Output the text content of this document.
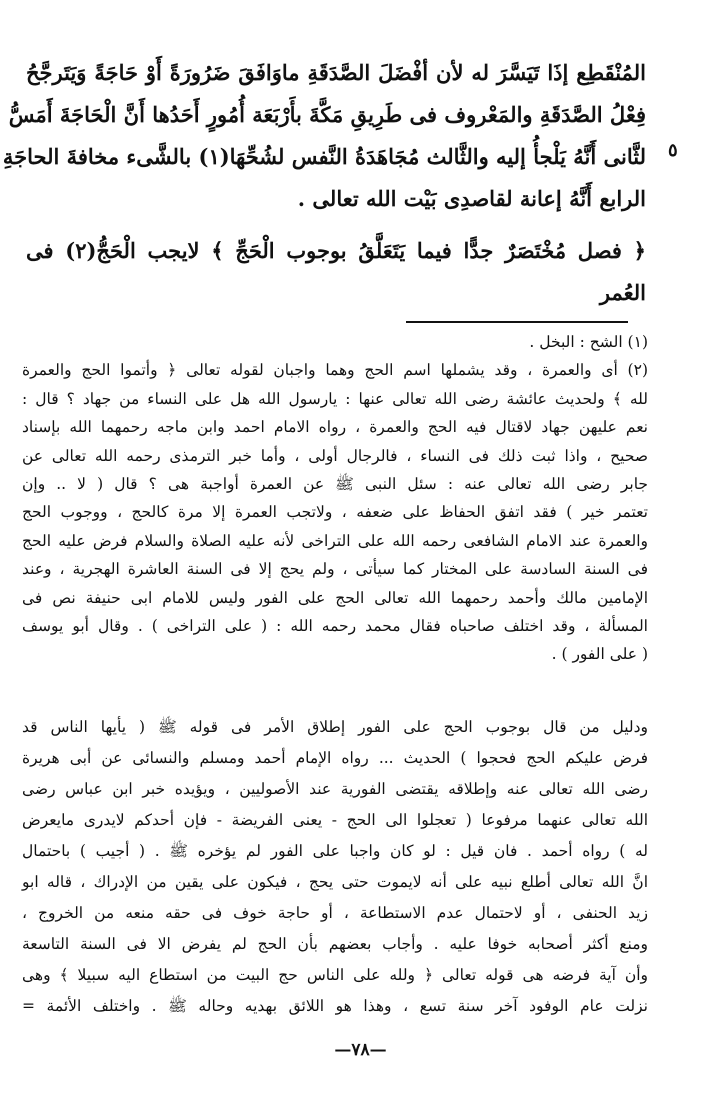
المُنْقَطِع إذَا تَيَسَّرَ له لأن أفْضَلَ الصَّدَقَةِ ماوَافَقَ ضَرُورَةً أَوْ حَاجَةً وَيَتَرجَّحُ
فِعْلُ الصَّدَقَةِ والمَعْروف فى طَرِيقِ مَكَّةَ بأَرْبَعَة أُمُورٍ أَحَدُها أَنَّ الْحَاجَةَ أَمَسُّ
لثَّانى أَنَّهُ يَلْجأُ إليه والثَّالث مُجَاهَدَةُ النَّفس لشُحِّهَا(١) بالشَّىء مخافةَ الحاجَةِ
الرابع أَنَّهُ إعانة لقاصدِى بَيْت الله تعالى .
٥
﴿ فصل مُخْتَصَرٌ جدًّا فيما يَتَعَلَّقُ بوجوب الْحَجِّ ﴾ لايجب الْحَجُّ(٢) فى
العُمر
(١) الشح : البخل .
(٢) أى والعمرة ، وقد يشملها اسم الحج وهما واجبان لقوله تعالى ﴿ وأتموا الحج والعمرة
لله ﴾ ولحديث عائشة رضى الله تعالى عنها : يارسول الله هل على النساء من جهاد ؟ قال :
نعم عليهن جهاد لاقتال فيه الحج والعمرة ، رواه الامام احمد وابن ماجه رحمهما الله بإسناد
صحيح ، واذا ثبت ذلك فى النساء ، فالرجال أولى ، وأما خبر الترمذى رحمه الله تعالى عن
جابر رضى الله تعالى عنه : سئل النبى ﷺ عن العمرة أواجبة هى ؟ قال ( لا .. وإن
تعتمر خير ) فقد اتفق الحفاظ على ضعفه ، ولاتجب العمرة إلا مرة كالحج ، ووجوب الحج
والعمرة عند الامام الشافعى رحمه الله على التراخى لأنه عليه الصلاة والسلام فرض عليه الحج
فى السنة السادسة على المختار كما سيأتى ، ولم يحج إلا فى السنة العاشرة الهجرية ، وعند
الإمامين مالك وأحمد رحمهما الله تعالى الحج على الفور وليس للامام ابى حنيفة نص فى
المسألة ، وقد اختلف صاحباه فقال محمد رحمه الله : ( على التراخى ) . وقال أبو يوسف
( على الفور ) .
ودليل من قال بوجوب الحج على الفور إطلاق الأمر فى قوله ﷺ ( يأيها الناس قد
فرض عليكم الحج فحجوا ) الحديث ... رواه الإمام أحمد ومسلم والنسائى عن أبى هريرة
رضى الله تعالى عنه وإطلاقه يقتضى الفورية عند الأصوليين ، ويؤيده خبر ابن عباس رضى
الله تعالى عنهما مرفوعا ( تعجلوا الى الحج - يعنى الفريضة - فإن أحدكم لايدرى مايعرض
له ) رواه أحمد . فان قيل : لو كان واجبا على الفور لم يؤخره ﷺ . ( أجيب ) باحتمال
انَّ الله تعالى أطلع نبيه على أنه لايموت حتى يحج ، فيكون على يقين من الإدراك ، قاله ابو
زيد الحنفى ، أو لاحتمال عدم الاستطاعة ، أو حاجة خوف فى حقه منعه من الخروج ،
ومنع أكثر أصحابه خوفا عليه . وأجاب بعضهم بأن الحج لم يفرض الا فى السنة التاسعة
وأن آية فرضه هى قوله تعالى ﴿ ولله على الناس حج البيت من استطاع اليه سبيلا ﴾ وهى
نزلت عام الوفود آخر سنة تسع ، وهذا هو اللائق بهديه وحاله ﷺ . واختلف الأئمة =
—٧٨—
